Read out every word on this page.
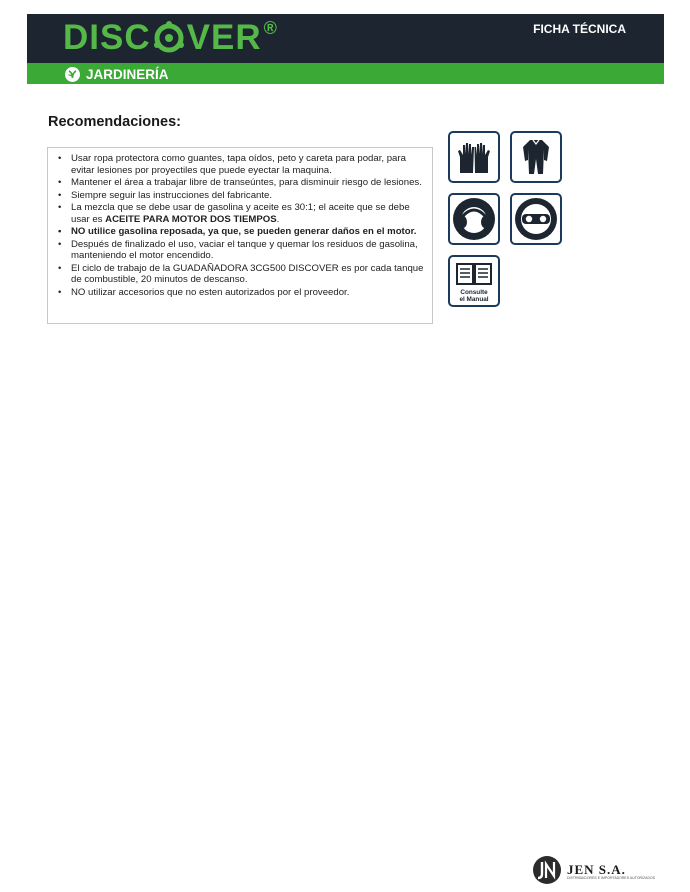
DISC VER ®	FICHA TÉCNICA
JARDINERÍA
Recomendaciones:
• Usar ropa protectora como guantes, tapa oídos, peto y careta para podar, para evitar lesiones por proyectiles que puede eyectar la maquina.
• Mantener el área a trabajar libre de transeúntes, para disminuir riesgo de lesiones.
• Siempre seguir las instrucciones del fabricante.
• La mezcla que se debe usar de gasolina y aceite es 30:1; el aceite que se debe usar es ACEITE PARA MOTOR DOS TIEMPOS.
• NO utilice gasolina reposada, ya que, se pueden generar daños en el motor.
• Después de finalizado el uso, vaciar el tanque y quemar los residuos de gasolina, manteniendo el motor encendido.
• El ciclo de trabajo de la GUADAÑADORA 3CG500 DISCOVER es por cada tanque de combustible, 20 minutos de descanso.
• NO utilizar accesorios que no esten autorizados por el proveedor.	Consulte
el Manual
JEN S.A.
DISTRIBUIDORES E IMPORTADORES AUTORIZADOS
